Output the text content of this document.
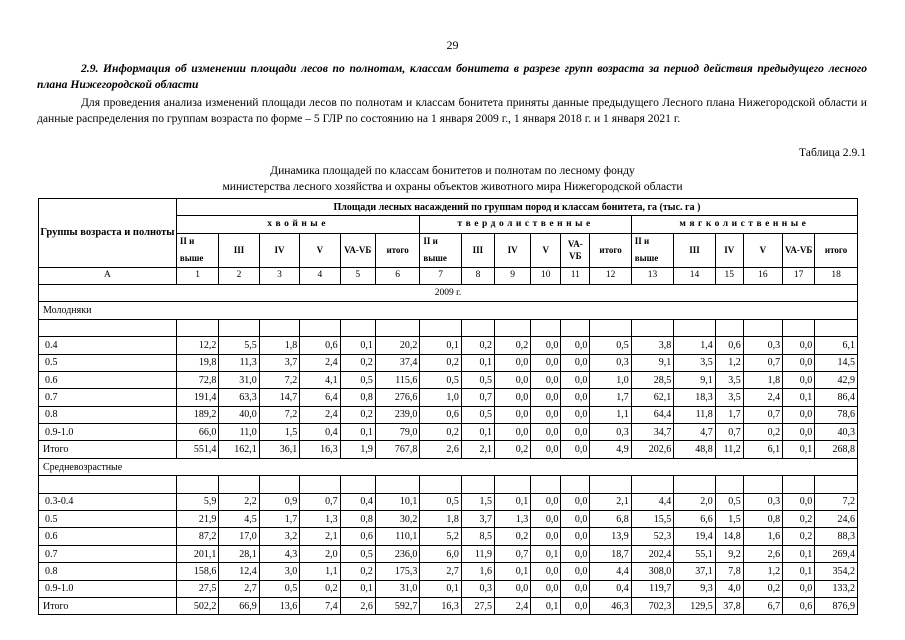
29
2.9. Информация об изменении площади лесов по полнотам, классам бонитета в разрезе групп возраста за период действия предыдущего лесного плана Нижегородской области
Для проведения анализа изменений площади лесов по полнотам и классам бонитета приняты данные предыдущего Лесного плана Нижегородской области и данные распределения по группам возраста по форме – 5 ГЛР по состоянию на 1 января 2009 г., 1 января 2018 г. и 1 января 2021 г.
Таблица 2.9.1
Динамика площадей по классам бонитетов и полнотам по лесному фонду
министерства лесного хозяйства и охраны объектов животного мира Нижегородской области
Группы возраста и полноты	Площади лесных насаждений по группам пород и классам бонитета, га (тыс. га )																	
	хвойные						твердолиственные						мягколиственные					
	II и	III	IV	V	VA-VБ	итого	II и	III	IV	V	VA-VБ	итого	II и	III	IV	V	VA-VБ	итого
	выше						выше						выше					
А	1	2	3	4	5	6	7	8	9	10	11	12	13	14	15	16	17	18
2009 г.																		
Молодняки																		

0.4	12,2	5,5	1,8	0,6	0,1	20,2	0,1	0,2	0,2	0,0	0,0	0,5	3,8	1,4	0,6	0,3	0,0	6,1
0.5	19,8	11,3	3,7	2,4	0,2	37,4	0,2	0,1	0,0	0,0	0,0	0,3	9,1	3,5	1,2	0,7	0,0	14,5
0.6	72,8	31,0	7,2	4,1	0,5	115,6	0,5	0,5	0,0	0,0	0,0	1,0	28,5	9,1	3,5	1,8	0,0	42,9
0.7	191,4	63,3	14,7	6,4	0,8	276,6	1,0	0,7	0,0	0,0	0,0	1,7	62,1	18,3	3,5	2,4	0,1	86,4
0.8	189,2	40,0	7,2	2,4	0,2	239,0	0,6	0,5	0,0	0,0	0,0	1,1	64,4	11,8	1,7	0,7	0,0	78,6
0.9-1.0	66,0	11,0	1,5	0,4	0,1	79,0	0,2	0,1	0,0	0,0	0,0	0,3	34,7	4,7	0,7	0,2	0,0	40,3
Итого	551,4	162,1	36,1	16,3	1,9	767,8	2,6	2,1	0,2	0,0	0,0	4,9	202,6	48,8	11,2	6,1	0,1	268,8
Средневозрастные																		

0.3-0.4	5,9	2,2	0,9	0,7	0,4	10,1	0,5	1,5	0,1	0,0	0,0	2,1	4,4	2,0	0,5	0,3	0,0	7,2
0.5	21,9	4,5	1,7	1,3	0,8	30,2	1,8	3,7	1,3	0,0	0,0	6,8	15,5	6,6	1,5	0,8	0,2	24,6
0.6	87,2	17,0	3,2	2,1	0,6	110,1	5,2	8,5	0,2	0,0	0,0	13,9	52,3	19,4	14,8	1,6	0,2	88,3
0.7	201,1	28,1	4,3	2,0	0,5	236,0	6,0	11,9	0,7	0,1	0,0	18,7	202,4	55,1	9,2	2,6	0,1	269,4
0.8	158,6	12,4	3,0	1,1	0,2	175,3	2,7	1,6	0,1	0,0	0,0	4,4	308,0	37,1	7,8	1,2	0,1	354,2
0.9-1.0	27,5	2,7	0,5	0,2	0,1	31,0	0,1	0,3	0,0	0,0	0,0	0,4	119,7	9,3	4,0	0,2	0,0	133,2
Итого	502,2	66,9	13,6	7,4	2,6	592,7	16,3	27,5	2,4	0,1	0,0	46,3	702,3	129,5	37,8	6,7	0,6	876,9
